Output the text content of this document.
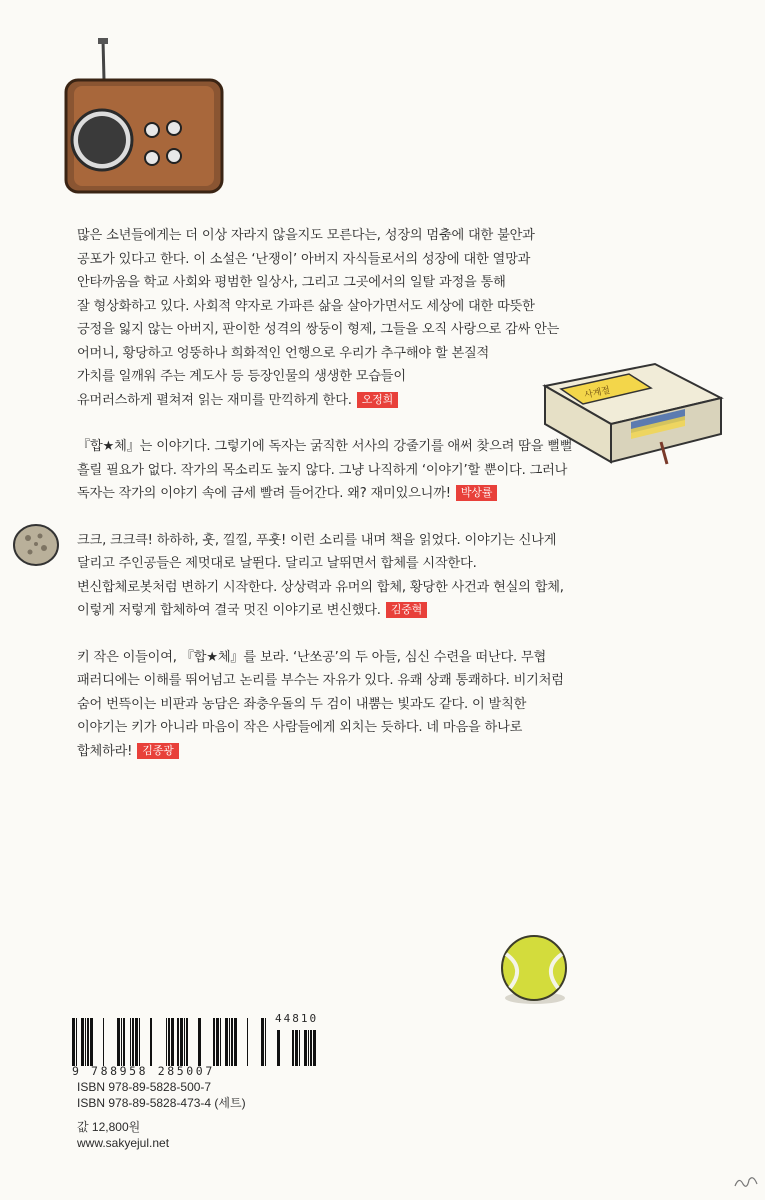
사계절
많은 소년들에게는 더 이상 자라지 않을지도 모른다는, 성장의 멈춤에 대한 불안과
공포가 있다고 한다. 이 소설은 ‘난쟁이’ 아버지 자식들로서의 성장에 대한 열망과
안타까움을 학교 사회와 평범한 일상사, 그리고 그곳에서의 일탈 과정을 통해
잘 형상화하고 있다. 사회적 약자로 가파른 삶을 살아가면서도 세상에 대한 따뜻한
긍정을 잃지 않는 아버지, 판이한 성격의 쌍둥이 형제, 그들을 오직 사랑으로 감싸 안는
어머니, 황당하고 엉뚱하나 희화적인 언행으로 우리가 추구해야 할 본질적
가치를 일깨워 주는 계도사 등 등장인물의 생생한 모습들이
유머러스하게 펼쳐져 읽는 재미를 만끽하게 한다. 오정희
『합★체』는 이야기다. 그렇기에 독자는 굵직한 서사의 강줄기를 애써 찾으려 땀을 뻘뻘
흘릴 필요가 없다. 작가의 목소리도 높지 않다. 그냥 나직하게 ‘이야기’할 뿐이다. 그러나
독자는 작가의 이야기 속에 금세 빨려 들어간다. 왜? 재미있으니까! 박상률
크크, 크크큭! 하하하, 훗, 낄낄, 푸훗! 이런 소리를 내며 책을 읽었다. 이야기는 신나게
달리고 주인공들은 제멋대로 날뛴다. 달리고 날뛰면서 합체를 시작한다.
변신합체로봇처럼 변하기 시작한다. 상상력과 유머의 합체, 황당한 사건과 현실의 합체,
이렇게 저렇게 합체하여 결국 멋진 이야기로 변신했다. 김중혁
키 작은 이들이여, 『합★체』를 보라. ‘난쏘공’의 두 아들, 심신 수련을 떠난다. 무협
패러디에는 이해를 뛰어넘고 논리를 부수는 자유가 있다. 유쾌 상쾌 통쾌하다. 비기처럼
숨어 번뜩이는 비판과 농담은 좌충우돌의 두 검이 내뿜는 빛과도 같다. 이 발칙한
이야기는 키가 아니라 마음이 작은 사람들에게 외치는 듯하다. 네 마음을 하나로
합체하라! 김종광
44810
9 788958 285007
ISBN 978-89-5828-500-7
ISBN 978-89-5828-473-4 (세트)
값 12,800원
www.sakyejul.net
